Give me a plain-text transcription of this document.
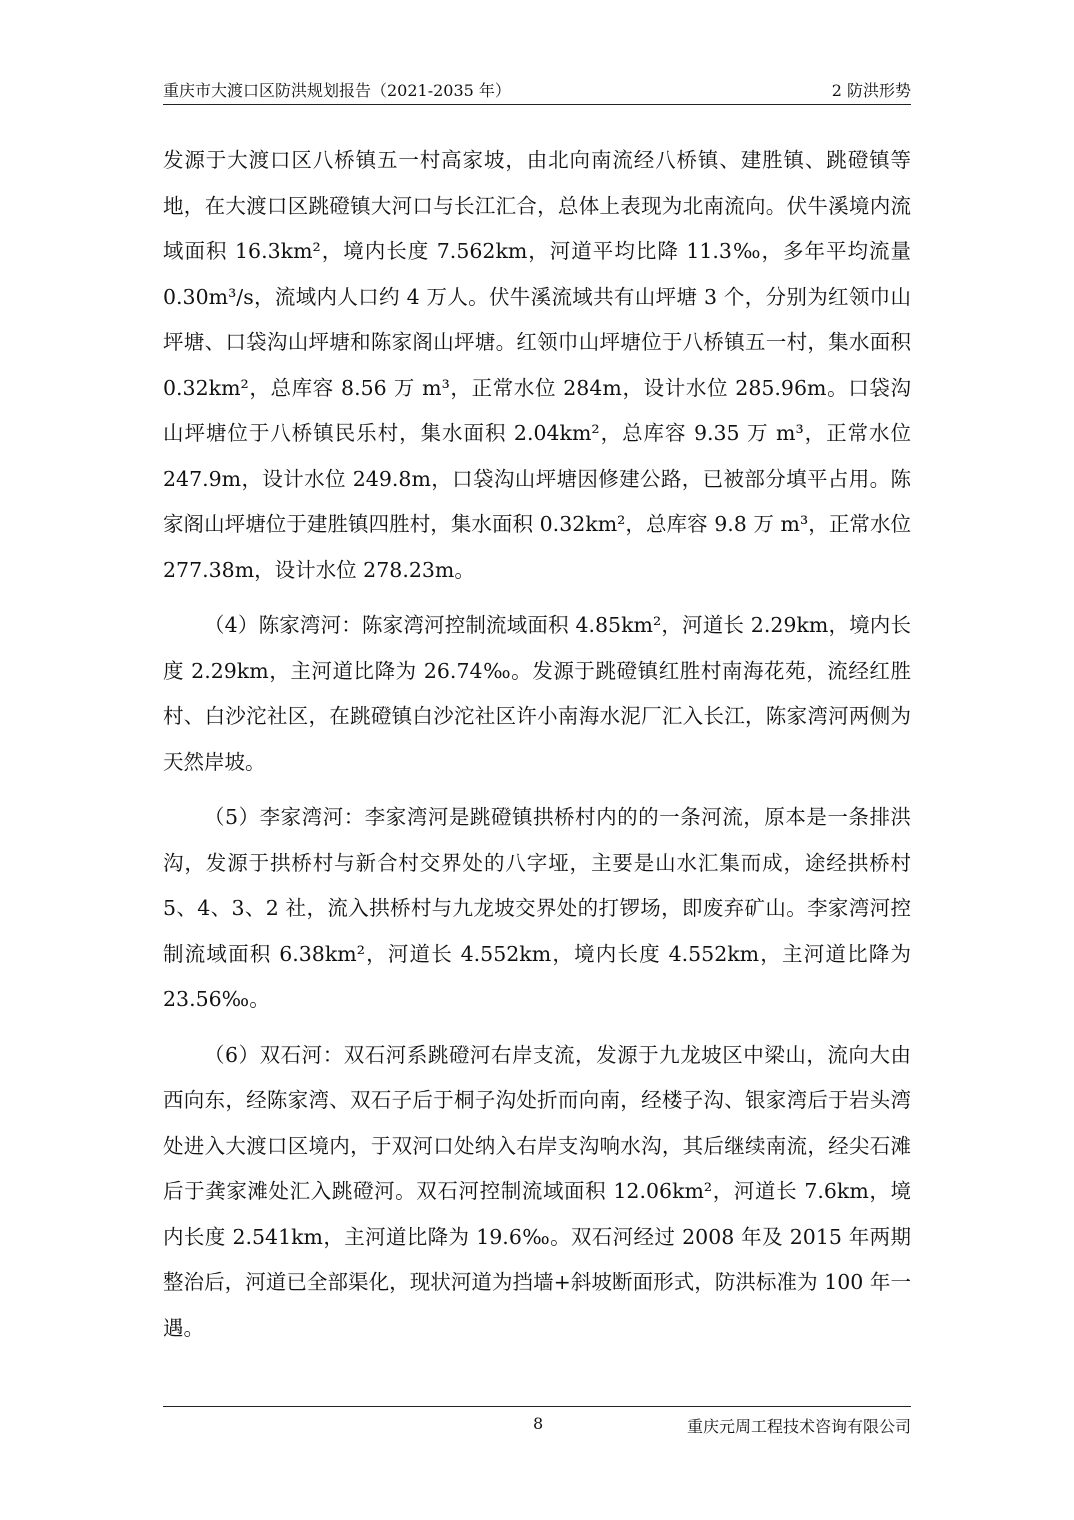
重庆市大渡口区防洪规划报告（2021-2035 年）	2 防洪形势

发源于大渡口区八桥镇五一村高家坡，由北向南流经八桥镇、建胜镇、跳磴镇等地，在大渡口区跳磴镇大河口与长江汇合，总体上表现为北南流向。伏牛溪境内流域面积 16.3km²，境内长度 7.562km，河道平均比降 11.3‰，多年平均流量 0.30m³/s，流域内人口约 4 万人。伏牛溪流域共有山坪塘 3 个，分别为红领巾山坪塘、口袋沟山坪塘和陈家阁山坪塘。红领巾山坪塘位于八桥镇五一村，集水面积 0.32km²，总库容 8.56 万 m³，正常水位 284m，设计水位 285.96m。口袋沟山坪塘位于八桥镇民乐村，集水面积 2.04km²，总库容 9.35 万 m³，正常水位 247.9m，设计水位 249.8m，口袋沟山坪塘因修建公路，已被部分填平占用。陈家阁山坪塘位于建胜镇四胜村，集水面积 0.32km²，总库容 9.8 万 m³，正常水位 277.38m，设计水位 278.23m。

（4）陈家湾河：陈家湾河控制流域面积 4.85km²，河道长 2.29km，境内长度 2.29km，主河道比降为 26.74‰。发源于跳磴镇红胜村南海花苑，流经红胜村、白沙沱社区，在跳磴镇白沙沱社区许小南海水泥厂汇入长江，陈家湾河两侧为天然岸坡。

（5）李家湾河：李家湾河是跳磴镇拱桥村内的的一条河流，原本是一条排洪沟，发源于拱桥村与新合村交界处的八字垭，主要是山水汇集而成，途经拱桥村 5、4、3、2 社，流入拱桥村与九龙坡交界处的打锣场，即废弃矿山。李家湾河控制流域面积 6.38km²，河道长 4.552km，境内长度 4.552km，主河道比降为 23.56‰。

（6）双石河：双石河系跳磴河右岸支流，发源于九龙坡区中梁山，流向大由西向东，经陈家湾、双石子后于桐子沟处折而向南，经楼子沟、银家湾后于岩头湾处进入大渡口区境内，于双河口处纳入右岸支沟响水沟，其后继续南流，经尖石滩后于龚家滩处汇入跳磴河。双石河控制流域面积 12.06km²，河道长 7.6km，境内长度 2.541km，主河道比降为 19.6‰。双石河经过 2008 年及 2015 年两期整治后，河道已全部渠化，现状河道为挡墙+斜坡断面形式，防洪标准为 100 年一遇。

8	重庆元周工程技术咨询有限公司
